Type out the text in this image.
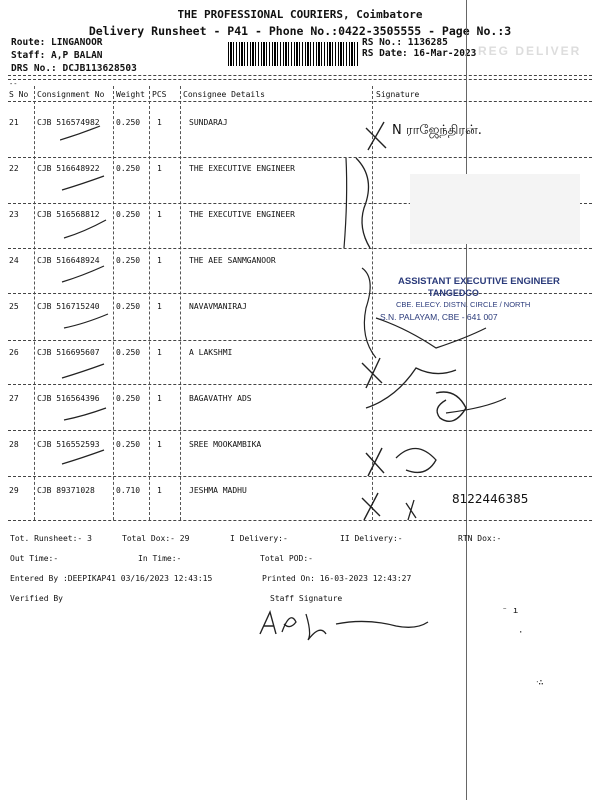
THE PROFESSIONAL COURIERS, Coimbatore
Delivery Runsheet - P41 - Phone No.:0422-3505555 - Page No.:3
Route: LINGANOOR
Staff: A,P BALAN
DRS No.: DCJB113628503
RS No.: 1136285
RS Date: 16-Mar-2023 REG DELIVER
--
S No Consignment No Weight PCS Consignee Details	Signature
21 CJB 516574982 0.250 1	SUNDARAJ
22 CJB 516648922 0.250 1	THE EXECUTIVE ENGINEER
23 CJB 516568812 0.250 1	THE EXECUTIVE ENGINEER
24 CJB 516648924 0.250 1	THE AEE SANMGANOOR
25 CJB 516715240 0.250 1	NAVAVMANIRAJ
26 CJB 516695607 0.250 1	A LAKSHMI
27 CJB 516564396 0.250 1	BAGAVATHY ADS
28 CJB 516552593 0.250 1	SREE MOOKAMBIKA
29 CJB 89371028	0.710 1	JESHMA MADHU
N ராஜேந்திரன்.
ASSISTANT EXECUTIVE ENGINEER
TANGEDCO
CBE. ELECY. DISTN. CIRCLE / NORTH
S.N. PALAYAM, CBE - 641 007
8122446385
Tot. Runsheet:- 3	Total Dox:- 29	I Delivery:-	II Delivery:-	RTN Dox:-
Out Time:-	In Time:-	Total POD:-
Entered By :DEEPIKAP41 03/16/2023 12:43:15	Printed On: 16-03-2023 12:43:27
Verified By	Staff Signature
⁻ ı
·
ᐧ∴
